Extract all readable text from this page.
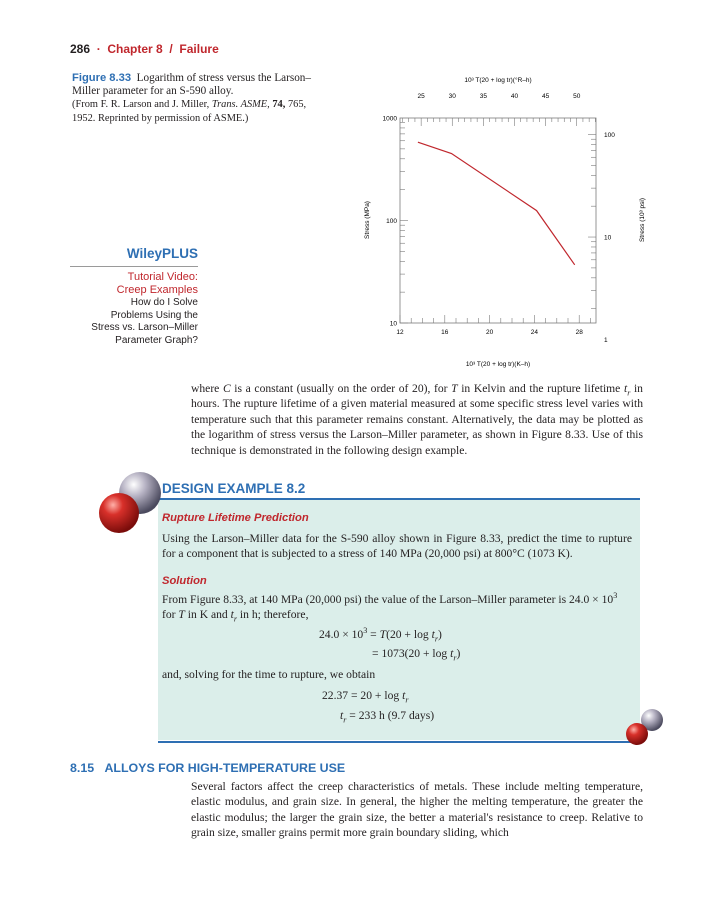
286 · Chapter 8 / Failure
Figure 8.33 Logarithm of stress versus the Larson–Miller parameter for an S-590 alloy.
(From F. R. Larson and J. Miller, Trans. ASME, 74, 765, 1952. Reprinted by permission of ASME.)
WileyPLUS
Tutorial Video:
Creep Examples
How do I Solve
Problems Using the
Stress vs. Larson–Miller
Parameter Graph?
25	30	35	40	45	50
12	16	20	24	28
1000
100
10
100
10
1
10³ T(20 + log tr)(°R–h)
10³ T(20 + log tr)(K–h)
Stress (MPa)	Stress (10³ psi)
where C is a constant (usually on the order of 20), for T in Kelvin and the rupture lifetime $t_r$ in hours. The rupture lifetime of a given material measured at some specific stress level varies with temperature such that this parameter remains constant. Alternatively, the data may be plotted as the logarithm of stress versus the Larson–Miller parameter, as shown in Figure 8.33. Use of this technique is demonstrated in the following design example.
DESIGN EXAMPLE 8.2
Rupture Lifetime Prediction
Using the Larson–Miller data for the S-590 alloy shown in Figure 8.33, predict the time to rupture for a component that is subjected to a stress of 140 MPa (20,000 psi) at 800°C (1073 K).
Solution
From Figure 8.33, at 140 MPa (20,000 psi) the value of the Larson–Miller parameter is $24.0 \times 10^3$
for T in K and $t_r$ in h; therefore,
$24.0 \times 10^3 = T(20 + \log t_r)$
= $1073(20 + \log t_r)$
and, solving for the time to rupture, we obtain
$22.37 = 20 + \log t_r$
$t_r = 233$ h (9.7 days)
8.15 ALLOYS FOR HIGH-TEMPERATURE USE
Several factors affect the creep characteristics of metals. These include melting temperature, elastic modulus, and grain size. In general, the higher the melting temperature, the greater the elastic modulus; the larger the grain size, the better a material's resistance to creep. Relative to grain size, smaller grains permit more grain boundary sliding, which
